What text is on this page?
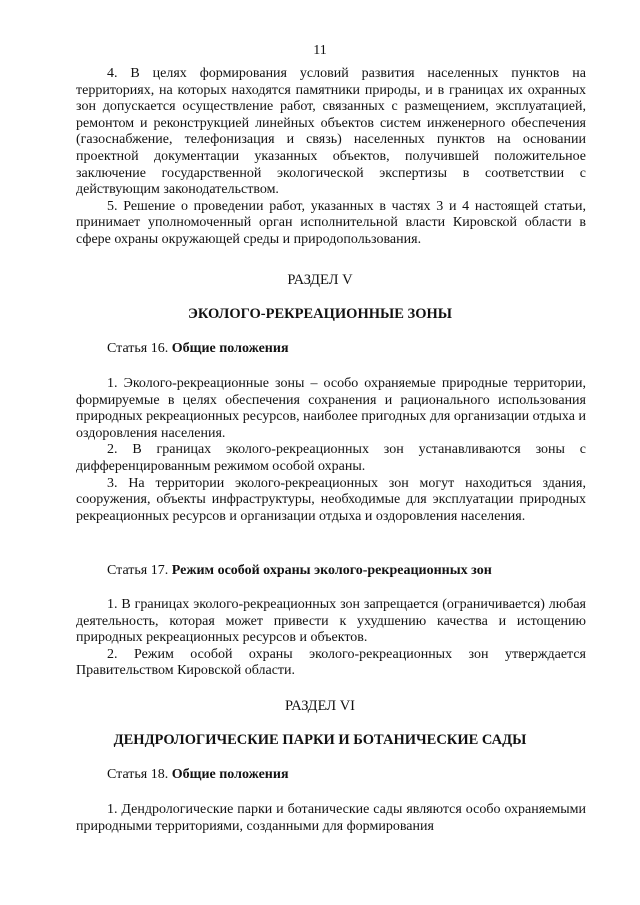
11

4. В целях формирования условий развития населенных пунктов на территориях, на которых находятся памятники природы, и в границах их охранных зон допускается осуществление работ, связанных с размещением, эксплуатацией, ремонтом и реконструкцией линейных объектов систем инженерного обеспечения (газоснабжение, телефонизация и связь) населенных пунктов на основании проектной документации указанных объектов, получившей положительное заключение государственной экологической экспертизы в соответствии с действующим законодательством.

5. Решение о проведении работ, указанных в частях 3 и 4 настоящей статьи, принимает уполномоченный орган исполнительной власти Кировской области в сфере охраны окружающей среды и природопользования.

РАЗДЕЛ V
ЭКОЛОГО-РЕКРЕАЦИОННЫЕ ЗОНЫ
Статья 16. Общие положения

1. Эколого-рекреационные зоны – особо охраняемые природные территории, формируемые в целях обеспечения сохранения и рационального использования природных рекреационных ресурсов, наиболее пригодных для организации отдыха и оздоровления населения.

2. В границах эколого-рекреационных зон устанавливаются зоны с дифференцированным режимом особой охраны.

3. На территории эколого-рекреационных зон могут находиться здания, сооружения, объекты инфраструктуры, необходимые для эксплуатации природных рекреационных ресурсов и организации отдыха и оздоровления населения.

Статья 17. Режим особой охраны эколого-рекреационных зон

1. В границах эколого-рекреационных зон запрещается (ограничивается) любая деятельность, которая может привести к ухудшению качества и истощению природных рекреационных ресурсов и объектов.

2. Режим особой охраны эколого-рекреационных зон утверждается Правительством Кировской области.

РАЗДЕЛ VI
ДЕНДРОЛОГИЧЕСКИЕ ПАРКИ И БОТАНИЧЕСКИЕ САДЫ
Статья 18. Общие положения

1. Дендрологические парки и ботанические сады являются особо охраняемыми природными территориями, созданными для формирования
